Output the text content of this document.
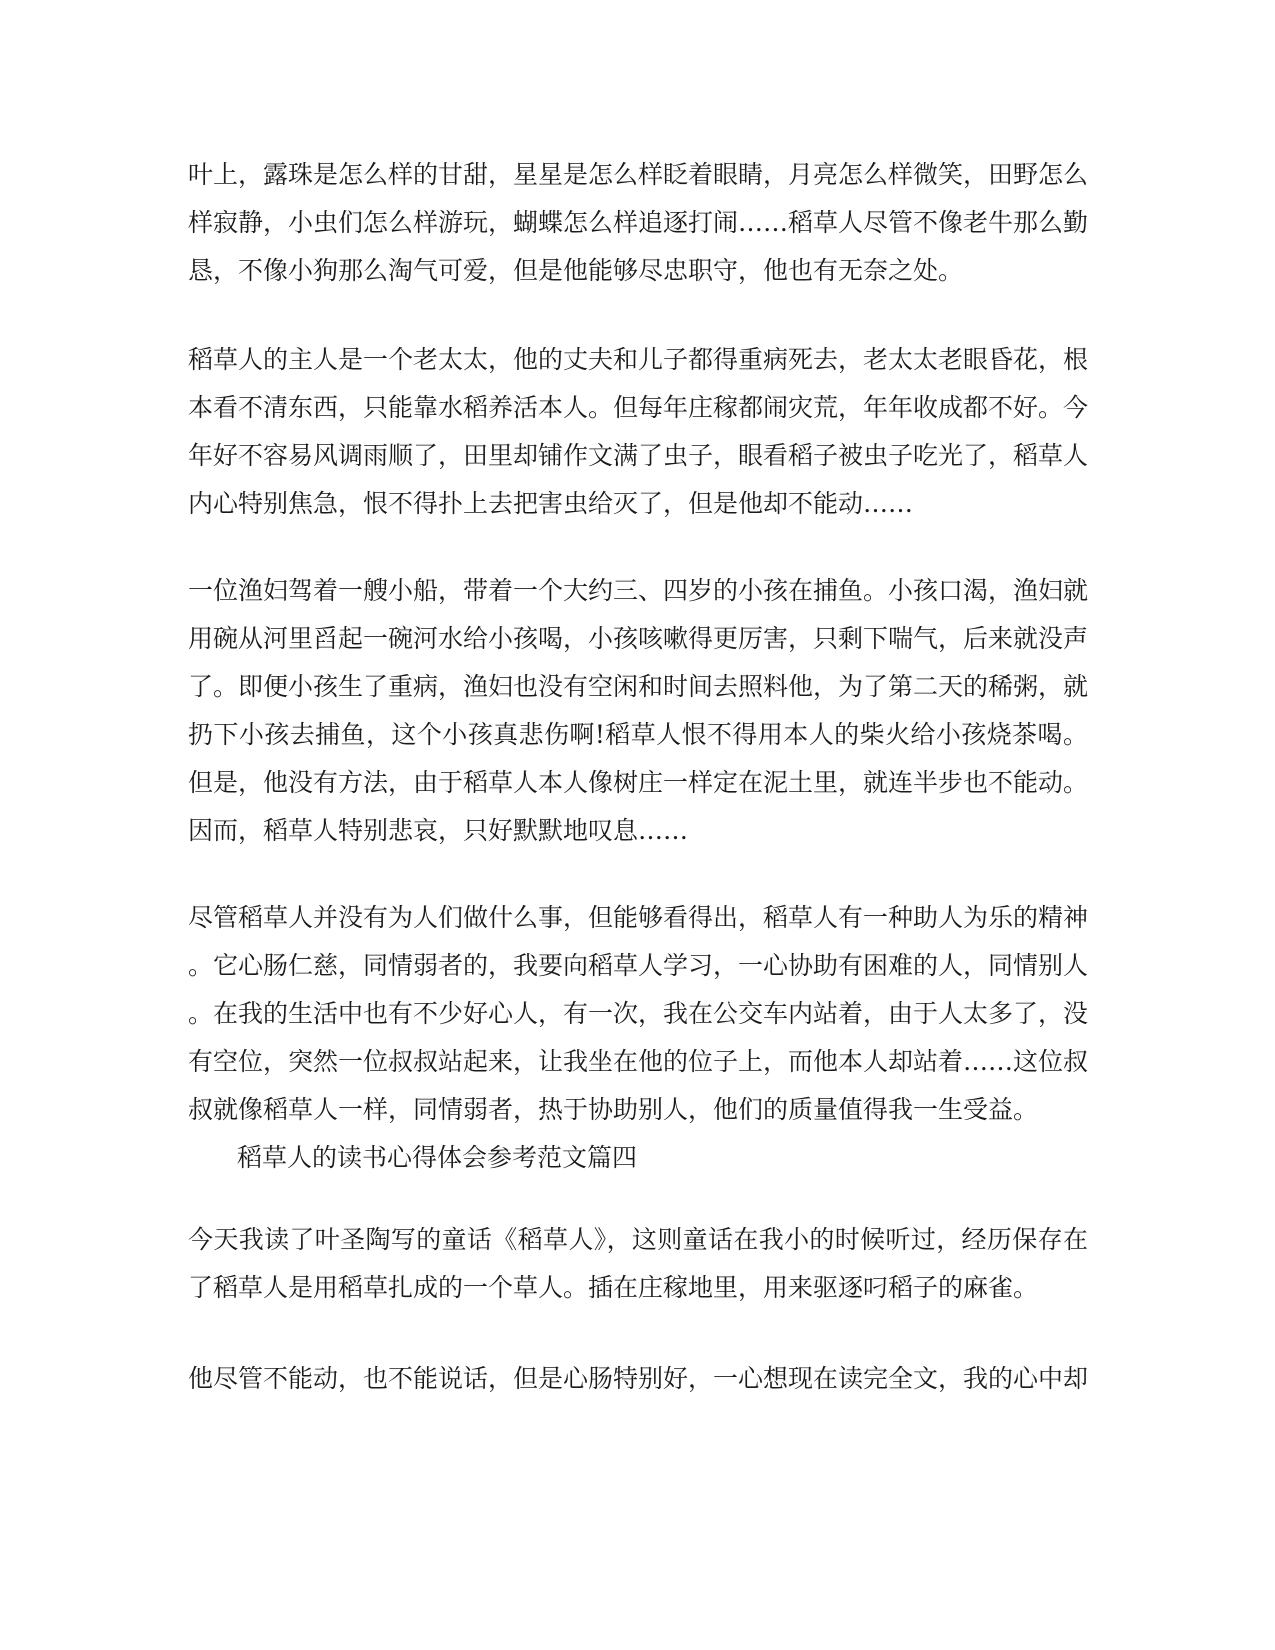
叶上，露珠是怎么样的甘甜，星星是怎么样眨着眼睛，月亮怎么样微笑，田野怎么
样寂静，小虫们怎么样游玩，蝴蝶怎么样追逐打闹……稻草人尽管不像老牛那么勤
恳，不像小狗那么淘气可爱，但是他能够尽忠职守，他也有无奈之处。
稻草人的主人是一个老太太，他的丈夫和儿子都得重病死去，老太太老眼昏花，根
本看不清东西，只能靠水稻养活本人。但每年庄稼都闹灾荒，年年收成都不好。今
年好不容易风调雨顺了，田里却铺作文满了虫子，眼看稻子被虫子吃光了，稻草人
内心特别焦急，恨不得扑上去把害虫给灭了，但是他却不能动……
一位渔妇驾着一艘小船，带着一个大约三、四岁的小孩在捕鱼。小孩口渴，渔妇就
用碗从河里舀起一碗河水给小孩喝，小孩咳嗽得更厉害，只剩下喘气，后来就没声
了。即便小孩生了重病，渔妇也没有空闲和时间去照料他，为了第二天的稀粥，就
扔下小孩去捕鱼，这个小孩真悲伤啊!稻草人恨不得用本人的柴火给小孩烧茶喝。
但是，他没有方法，由于稻草人本人像树庄一样定在泥土里，就连半步也不能动。
因而，稻草人特别悲哀，只好默默地叹息……
尽管稻草人并没有为人们做什么事，但能够看得出，稻草人有一种助人为乐的精神
。它心肠仁慈，同情弱者的，我要向稻草人学习，一心协助有困难的人，同情别人
。在我的生活中也有不少好心人，有一次，我在公交车内站着，由于人太多了，没
有空位，突然一位叔叔站起来，让我坐在他的位子上，而他本人却站着……这位叔
叔就像稻草人一样，同情弱者，热于协助别人，他们的质量值得我一生受益。
稻草人的读书心得体会参考范文篇四
今天我读了叶圣陶写的童话《稻草人》，这则童话在我小的时候听过，经历保存在
了稻草人是用稻草扎成的一个草人。插在庄稼地里，用来驱逐叼稻子的麻雀。
他尽管不能动，也不能说话，但是心肠特别好，一心想现在读完全文，我的心中却
